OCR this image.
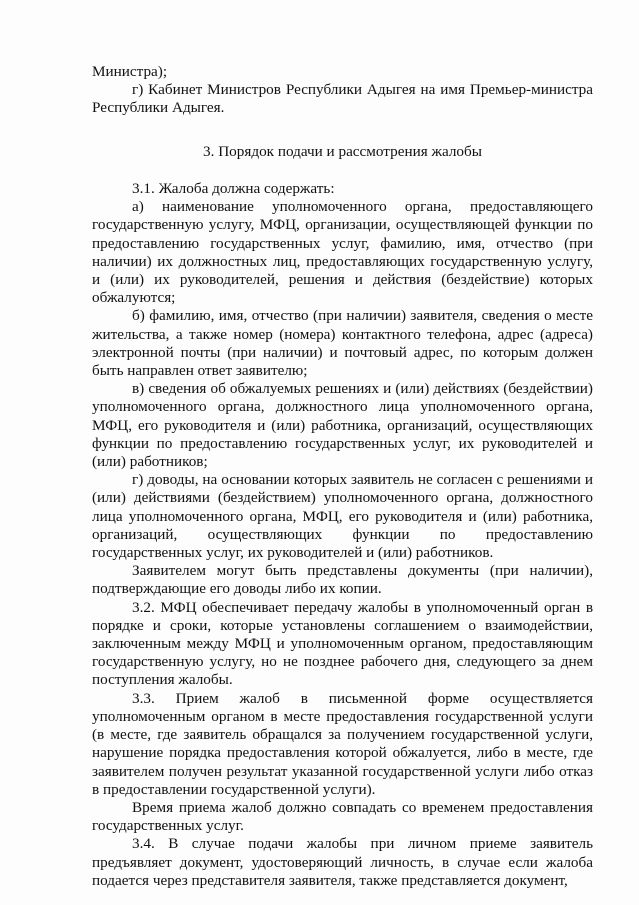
Министра);

г) Кабинет Министров Республики Адыгея на имя Премьер-министра Республики Адыгея.

3. Порядок подачи и рассмотрения жалобы

3.1. Жалоба должна содержать:

а) наименование уполномоченного органа, предоставляющего государственную услугу, МФЦ, организации, осуществляющей функции по предоставлению государственных услуг, фамилию, имя, отчество (при наличии) их должностных лиц, предоставляющих государственную услугу, и (или) их руководителей, решения и действия (бездействие) которых обжалуются;

б) фамилию, имя, отчество (при наличии) заявителя, сведения о месте жительства, а также номер (номера) контактного телефона, адрес (адреса) электронной почты (при наличии) и почтовый адрес, по которым должен быть направлен ответ заявителю;

в) сведения об обжалуемых решениях и (или) действиях (бездействии) уполномоченного органа, должностного лица уполномоченного органа, МФЦ, его руководителя и (или) работника, организаций, осуществляющих функции по предоставлению государственных услуг, их руководителей и (или) работников;

г) доводы, на основании которых заявитель не согласен с решениями и (или) действиями (бездействием) уполномоченного органа, должностного лица уполномоченного органа, МФЦ, его руководителя и (или) работника, организаций, осуществляющих функции по предоставлению государственных услуг, их руководителей и (или) работников.

Заявителем могут быть представлены документы (при наличии), подтверждающие его доводы либо их копии.

3.2. МФЦ обеспечивает передачу жалобы в уполномоченный орган в порядке и сроки, которые установлены соглашением о взаимодействии, заключенным между МФЦ и уполномоченным органом, предоставляющим государственную услугу, но не позднее рабочего дня, следующего за днем поступления жалобы.

3.3. Прием жалоб в письменной форме осуществляется уполномоченным органом в месте предоставления государственной услуги (в месте, где заявитель обращался за получением государственной услуги, нарушение порядка предоставления которой обжалуется, либо в месте, где заявителем получен результат указанной государственной услуги либо отказ в предоставлении государственной услуги).

Время приема жалоб должно совпадать со временем предоставления государственных услуг.

3.4. В случае подачи жалобы при личном приеме заявитель предъявляет документ, удостоверяющий личность, в случае если жалоба подается через представителя заявителя, также представляется документ,
